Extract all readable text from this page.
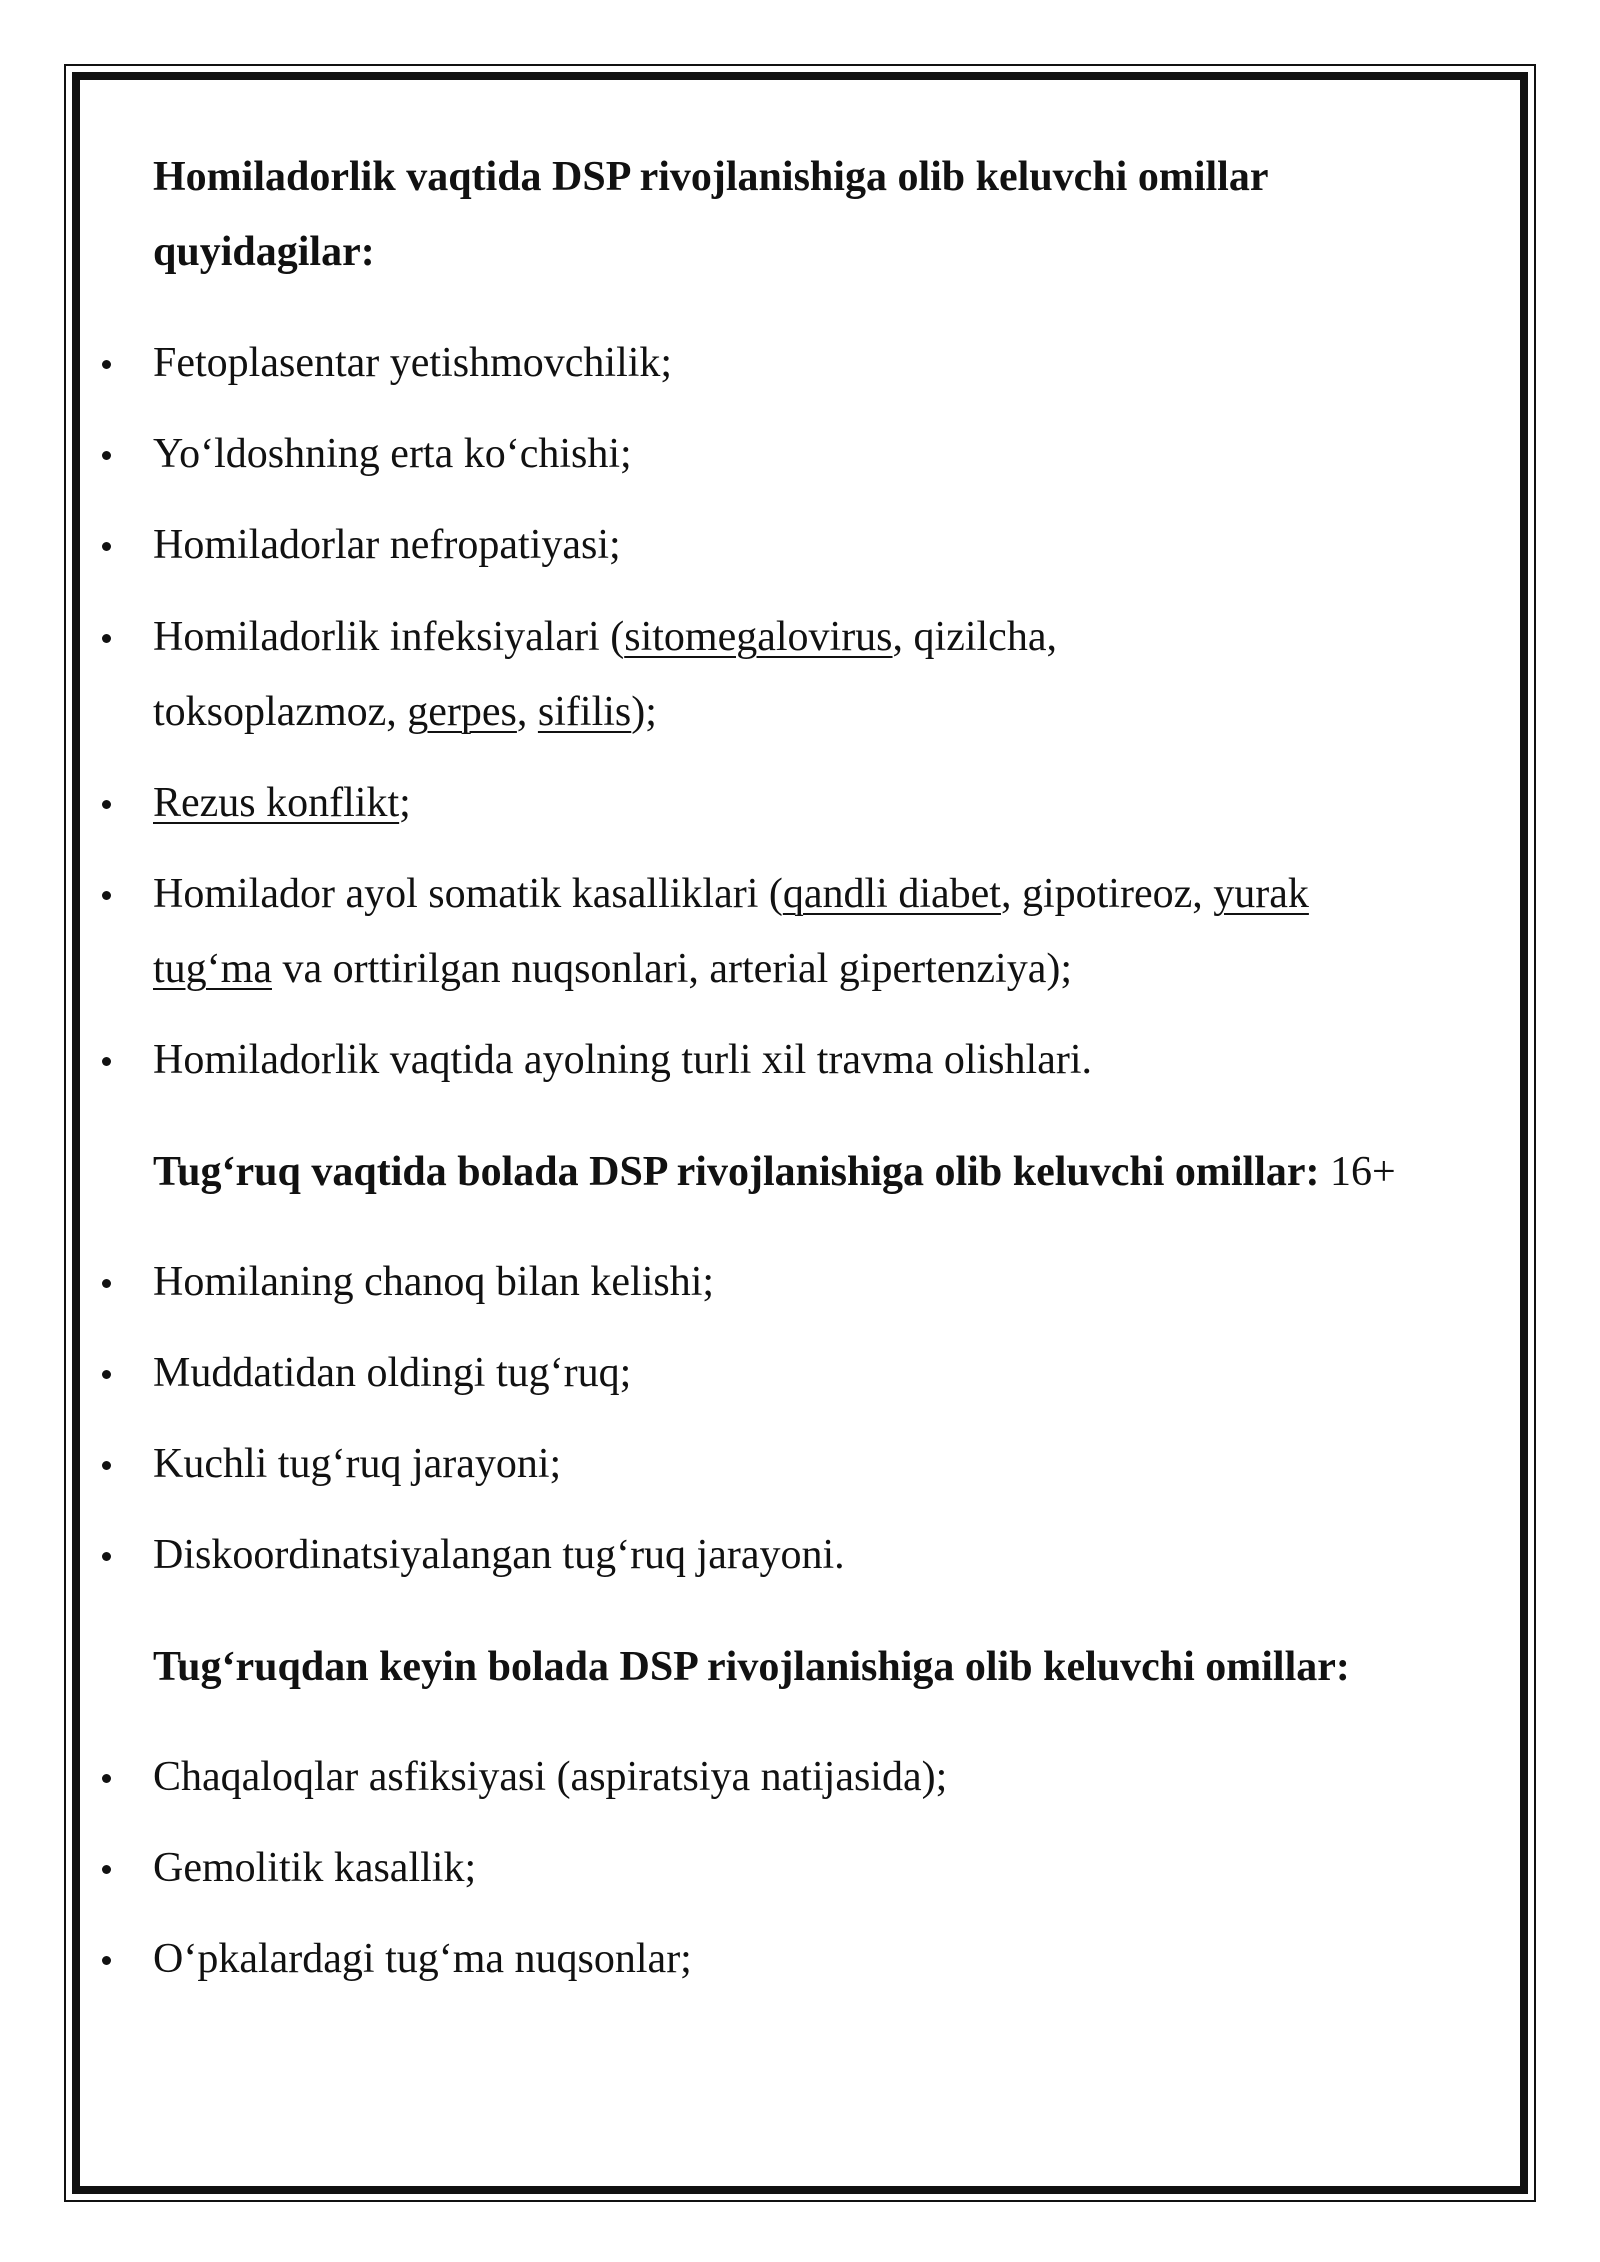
Homiladorlik vaqtida DSP rivojlanishiga olib keluvchi omillar
quyidagilar:
Fetoplasentar yetishmovchilik;
Yo‘ldoshning erta ko‘chishi;
Homiladorlar nefropatiyasi;
Homiladorlik infeksiyalari (sitomegalovirus, qizilcha,
toksoplazmoz, gerpes, sifilis);
Rezus konflikt;
Homilador ayol somatik kasalliklari (qandli diabet, gipotireoz, yurak
tug‘ma va orttirilgan nuqsonlari, arterial gipertenziya);
Homiladorlik vaqtida ayolning turli xil travma olishlari.
Tug‘ruq vaqtida bolada DSP rivojlanishiga olib keluvchi omillar: 16+
Homilaning chanoq bilan kelishi;
Muddatidan oldingi tug‘ruq;
Kuchli tug‘ruq jarayoni;
Diskoordinatsiyalangan tug‘ruq jarayoni.
Tug‘ruqdan keyin bolada DSP rivojlanishiga olib keluvchi omillar:
Chaqaloqlar asfiksiyasi (aspiratsiya natijasida);
Gemolitik kasallik;
O‘pkalardagi tug‘ma nuqsonlar;
